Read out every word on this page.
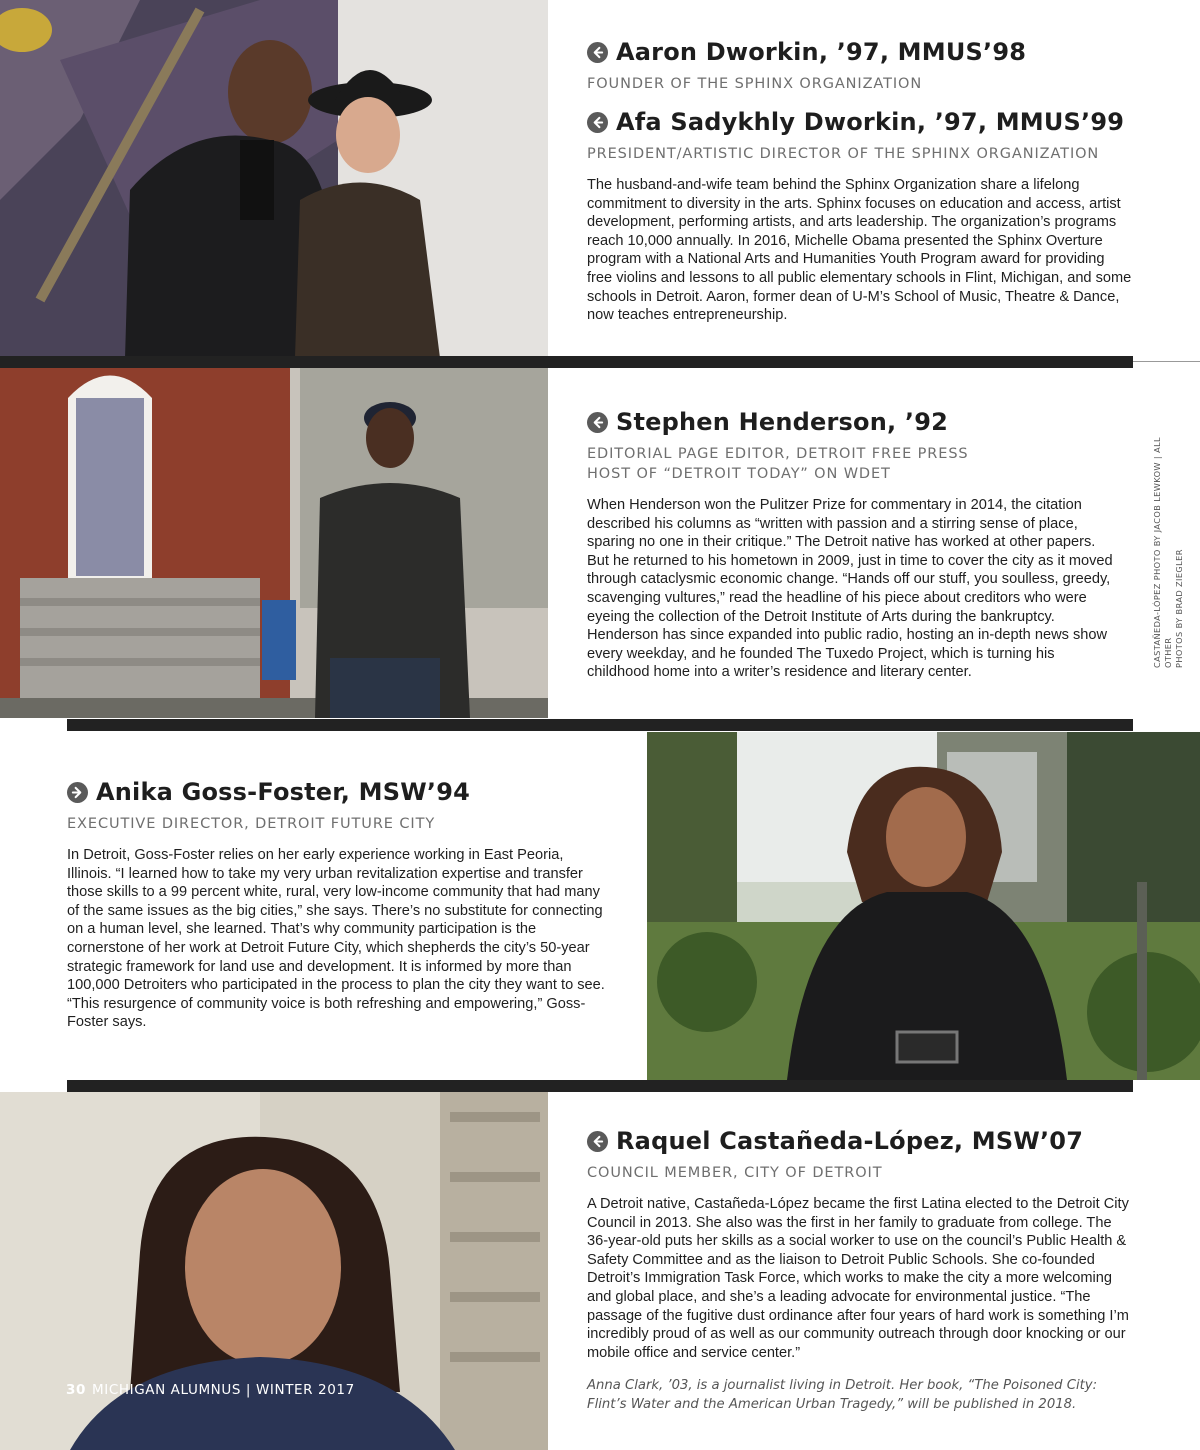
Aaron Dworkin, ’97, MMUS’98
FOUNDER OF THE SPHINX ORGANIZATION
Afa Sadykhly Dworkin, ’97, MMUS’99
PRESIDENT/ARTISTIC DIRECTOR OF THE SPHINX ORGANIZATION

The husband-and-wife team behind the Sphinx Organization share a lifelong commitment to diversity in the arts. Sphinx focuses on education and access, artist development, performing artists, and arts leadership. The organization’s programs reach 10,000 annually. In 2016, Michelle Obama presented the Sphinx Overture program with a National Arts and Humanities Youth Program award for providing free violins and lessons to all public elementary schools in Flint, Michigan, and some schools in Detroit. Aaron, former dean of U-M’s School of Music, Theatre & Dance, now teaches entrepreneurship.

Stephen Henderson, ’92
EDITORIAL PAGE EDITOR, DETROIT FREE PRESS
HOST OF “DETROIT TODAY” ON WDET

When Henderson won the Pulitzer Prize for commentary in 2014, the citation described his columns as “written with passion and a stirring sense of place, sparing no one in their critique.” The Detroit native has worked at other papers. But he returned to his hometown in 2009, just in time to cover the city as it moved through cataclysmic economic change. “Hands off our stuff, you soulless, greedy, scavenging vultures,” read the headline of his piece about creditors who were eyeing the collection of the Detroit Institute of Arts during the bankruptcy. Henderson has since expanded into public radio, hosting an in-depth news show every weekday, and he founded The Tuxedo Project, which is turning his childhood home into a writer’s residence and literary center.

CASTAÑEDA-LÓPEZ PHOTO BY JACOB LEWKOW | ALL OTHER PHOTOS BY BRAD ZIEGLER
Anika Goss-Foster, MSW’94
EXECUTIVE DIRECTOR, DETROIT FUTURE CITY

In Detroit, Goss-Foster relies on her early experience working in East Peoria, Illinois. “I learned how to take my very urban revitalization expertise and transfer those skills to a 99 percent white, rural, very low-income community that had many of the same issues as the big cities,” she says. There’s no substitute for connecting on a human level, she learned. That’s why community participation is the cornerstone of her work at Detroit Future City, which shepherds the city’s 50-year strategic framework for land use and development. It is informed by more than 100,000 Detroiters who participated in the process to plan the city they want to see. “This resurgence of community voice is both refreshing and empowering,” Goss-Foster says.

Raquel Castañeda-López, MSW’07
COUNCIL MEMBER, CITY OF DETROIT

A Detroit native, Castañeda-López became the first Latina elected to the Detroit City Council in 2013. She also was the first in her family to graduate from college. The 36-year-old puts her skills as a social worker to use on the council’s Public Health & Safety Committee and as the liaison to Detroit Public Schools. She co-founded Detroit’s Immigration Task Force, which works to make the city a more welcoming and global place, and she’s a leading advocate for environmental justice. “The passage of the fugitive dust ordinance after four years of hard work is something I’m incredibly proud of as well as our community outreach through door knocking or our mobile office and service center.”

Anna Clark, ’03, is a journalist living in Detroit. Her book, “The Poisoned City: Flint’s Water and the American Urban Tragedy,” will be published in 2018.

30 MICHIGAN ALUMNUS | WINTER 2017
